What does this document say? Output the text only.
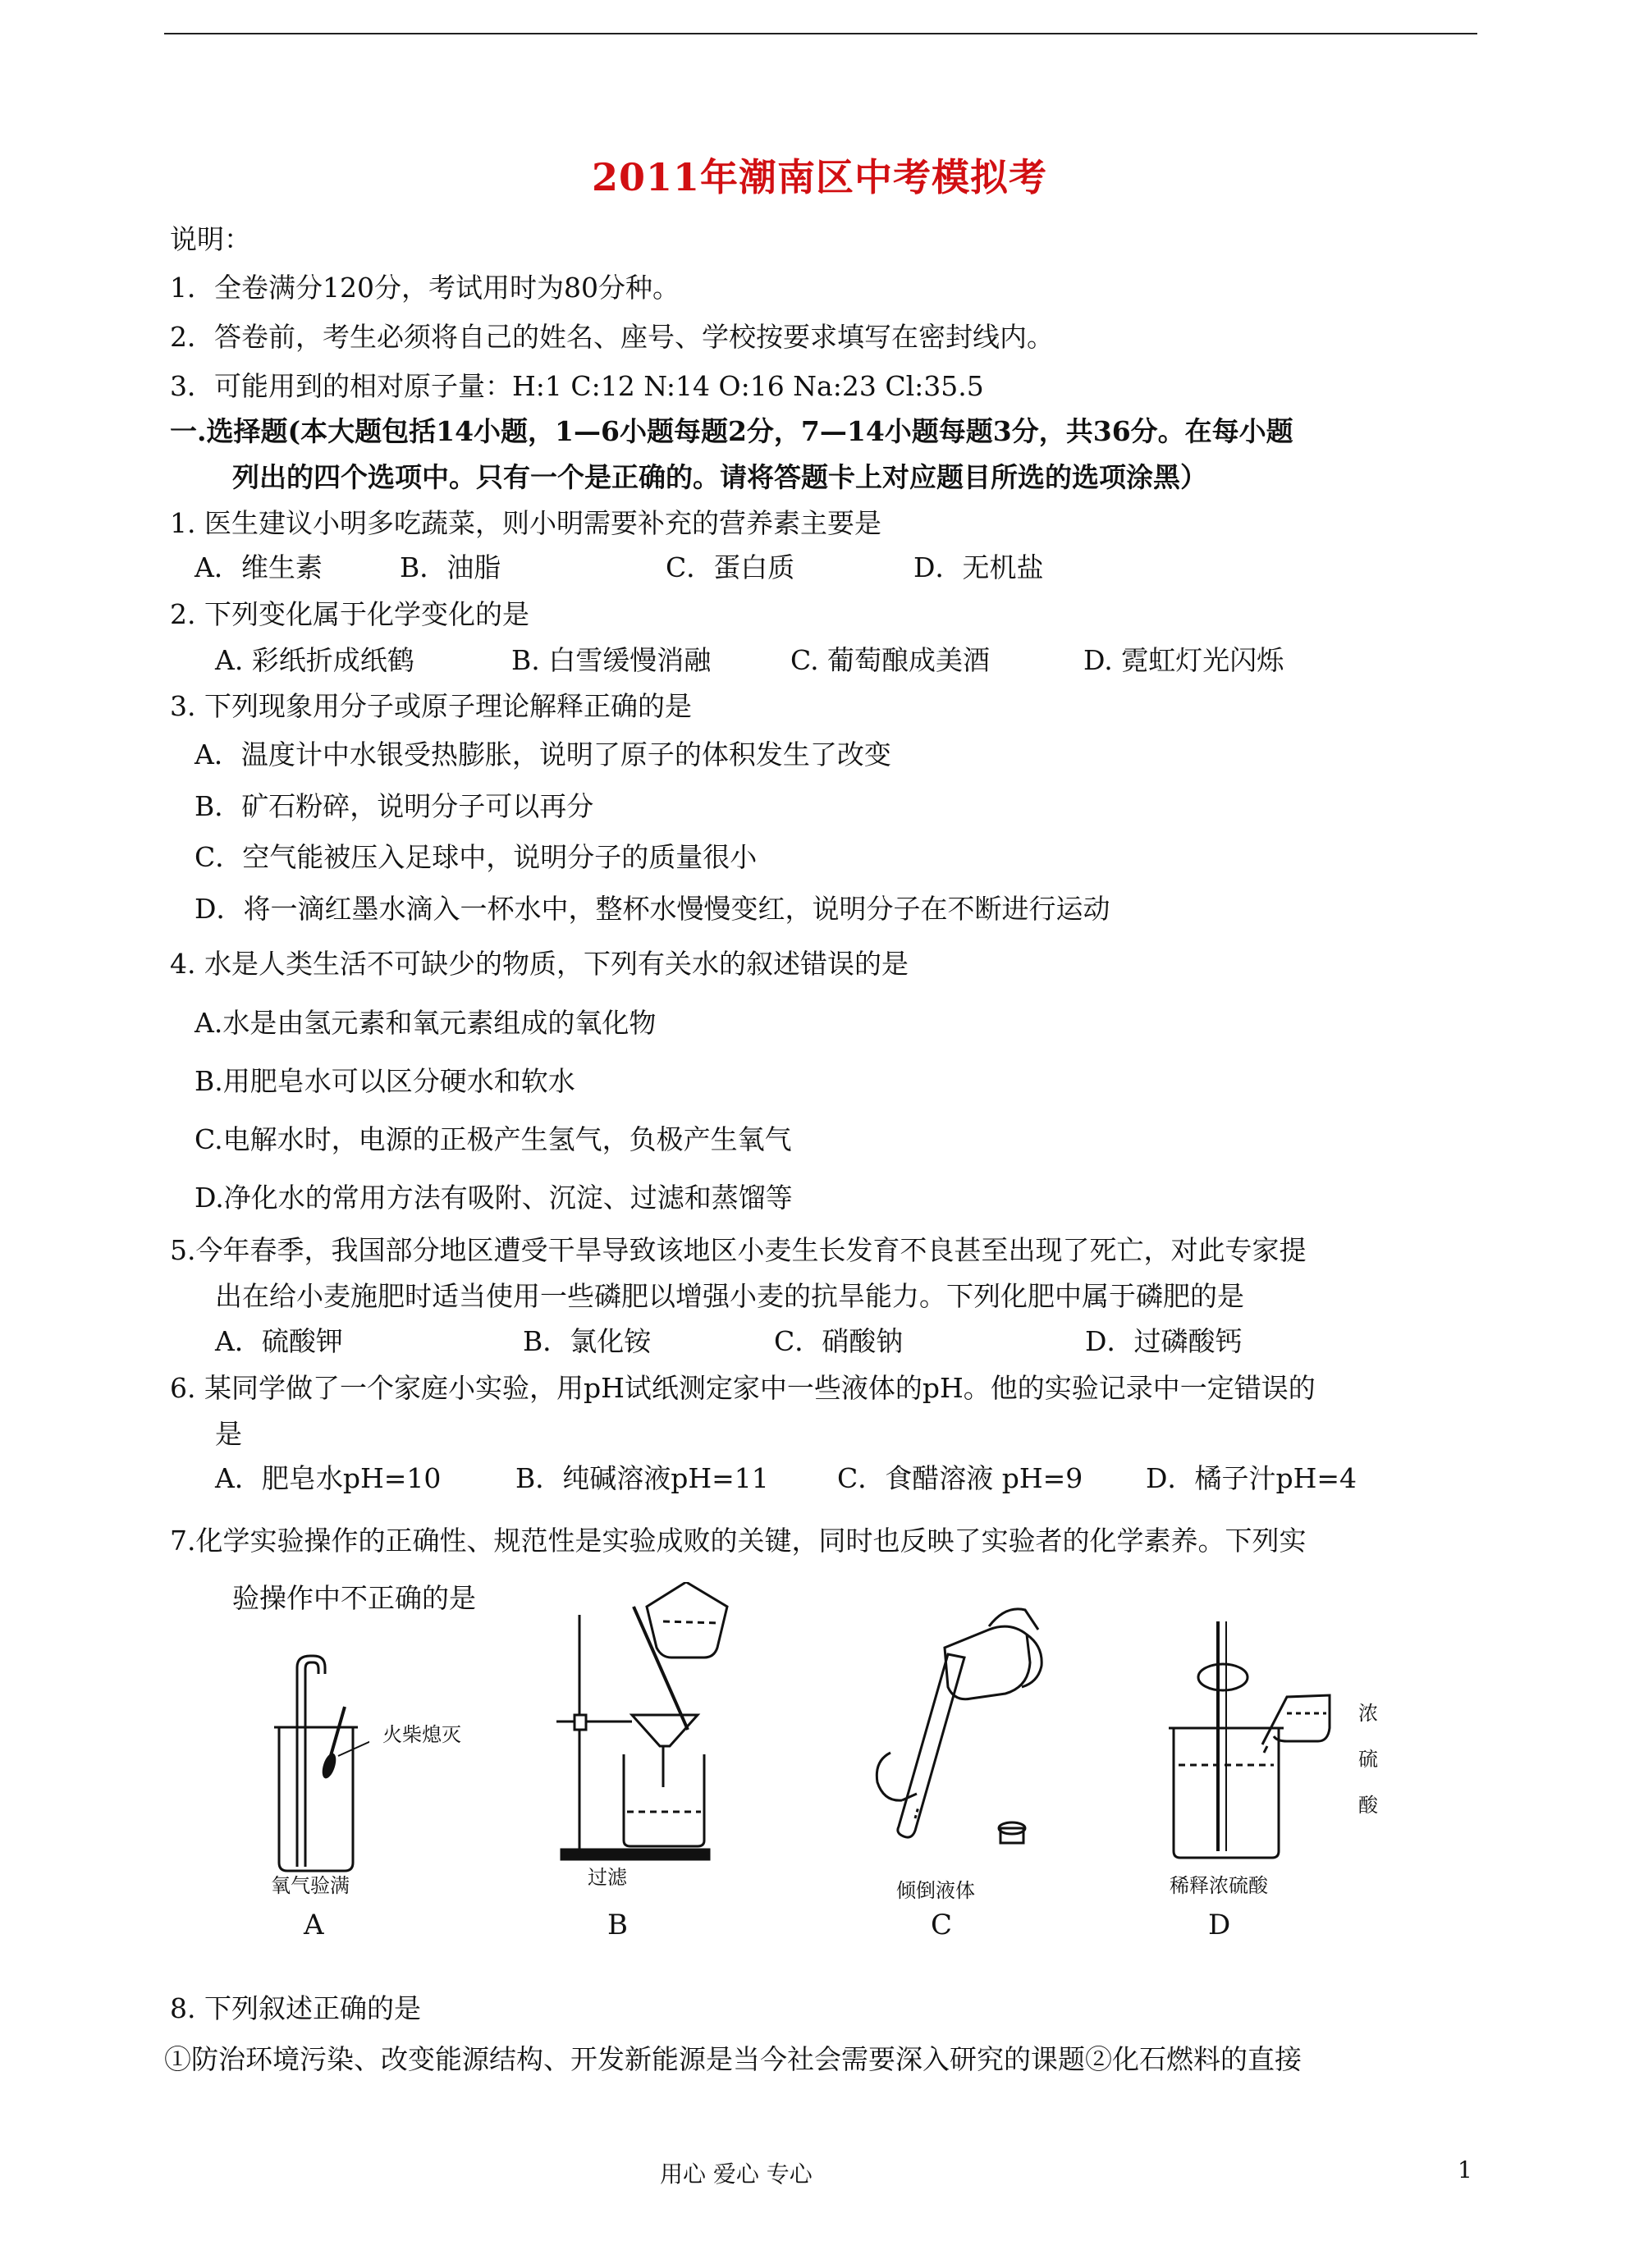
2011年潮南区中考模拟考
说明：
1．全卷满分120分，考试用时为80分种。
2．答卷前，考生必须将自己的姓名、座号、学校按要求填写在密封线内。
3．可能用到的相对原子量：H:1 C:12 N:14 O:16 Na:23 Cl:35.5
一.选择题(本大题包括14小题，1—6小题每题2分，7—14小题每题3分，共36分。在每小题
列出的四个选项中。只有一个是正确的。请将答题卡上对应题目所选的选项涂黑）
1. 医生建议小明多吃蔬菜，则小明需要补充的营养素主要是
A．维生素	B．油脂	C．蛋白质	D．无机盐
2. 下列变化属于化学变化的是
A. 彩纸折成纸鹤	B. 白雪缓慢消融	C. 葡萄酿成美酒	D. 霓虹灯光闪烁
3. 下列现象用分子或原子理论解释正确的是
A．温度计中水银受热膨胀，说明了原子的体积发生了改变
B．矿石粉碎，说明分子可以再分
C．空气能被压入足球中，说明分子的质量很小
D．将一滴红墨水滴入一杯水中，整杯水慢慢变红，说明分子在不断进行运动
4. 水是人类生活不可缺少的物质，下列有关水的叙述错误的是
A.水是由氢元素和氧元素组成的氧化物
B.用肥皂水可以区分硬水和软水
C.电解水时，电源的正极产生氢气，负极产生氧气
D.净化水的常用方法有吸附、沉淀、过滤和蒸馏等
5.今年春季，我国部分地区遭受干旱导致该地区小麦生长发育不良甚至出现了死亡，对此专家提
出在给小麦施肥时适当使用一些磷肥以增强小麦的抗旱能力。下列化肥中属于磷肥的是
A．硫酸钾	B．氯化铵	C．硝酸钠	D．过磷酸钙
6. 某同学做了一个家庭小实验，用pH试纸测定家中一些液体的pH。他的实验记录中一定错误的
是
A．肥皂水pH=10	B．纯碱溶液pH=11	C．食醋溶液 pH=9 D．橘子汁pH=4
7.化学实验操作的正确性、规范性是实验成败的关键，同时也反映了实验者的化学素养。下列实
验操作中不正确的是
火柴熄灭
氧气验满
A
过滤
B
倾倒液体
C
浓
硫
酸
稀释浓硫酸
D
8. 下列叙述正确的是
①防治环境污染、改变能源结构、开发新能源是当今社会需要深入研究的课题②化石燃料的直接
用心 爱心 专心	1
